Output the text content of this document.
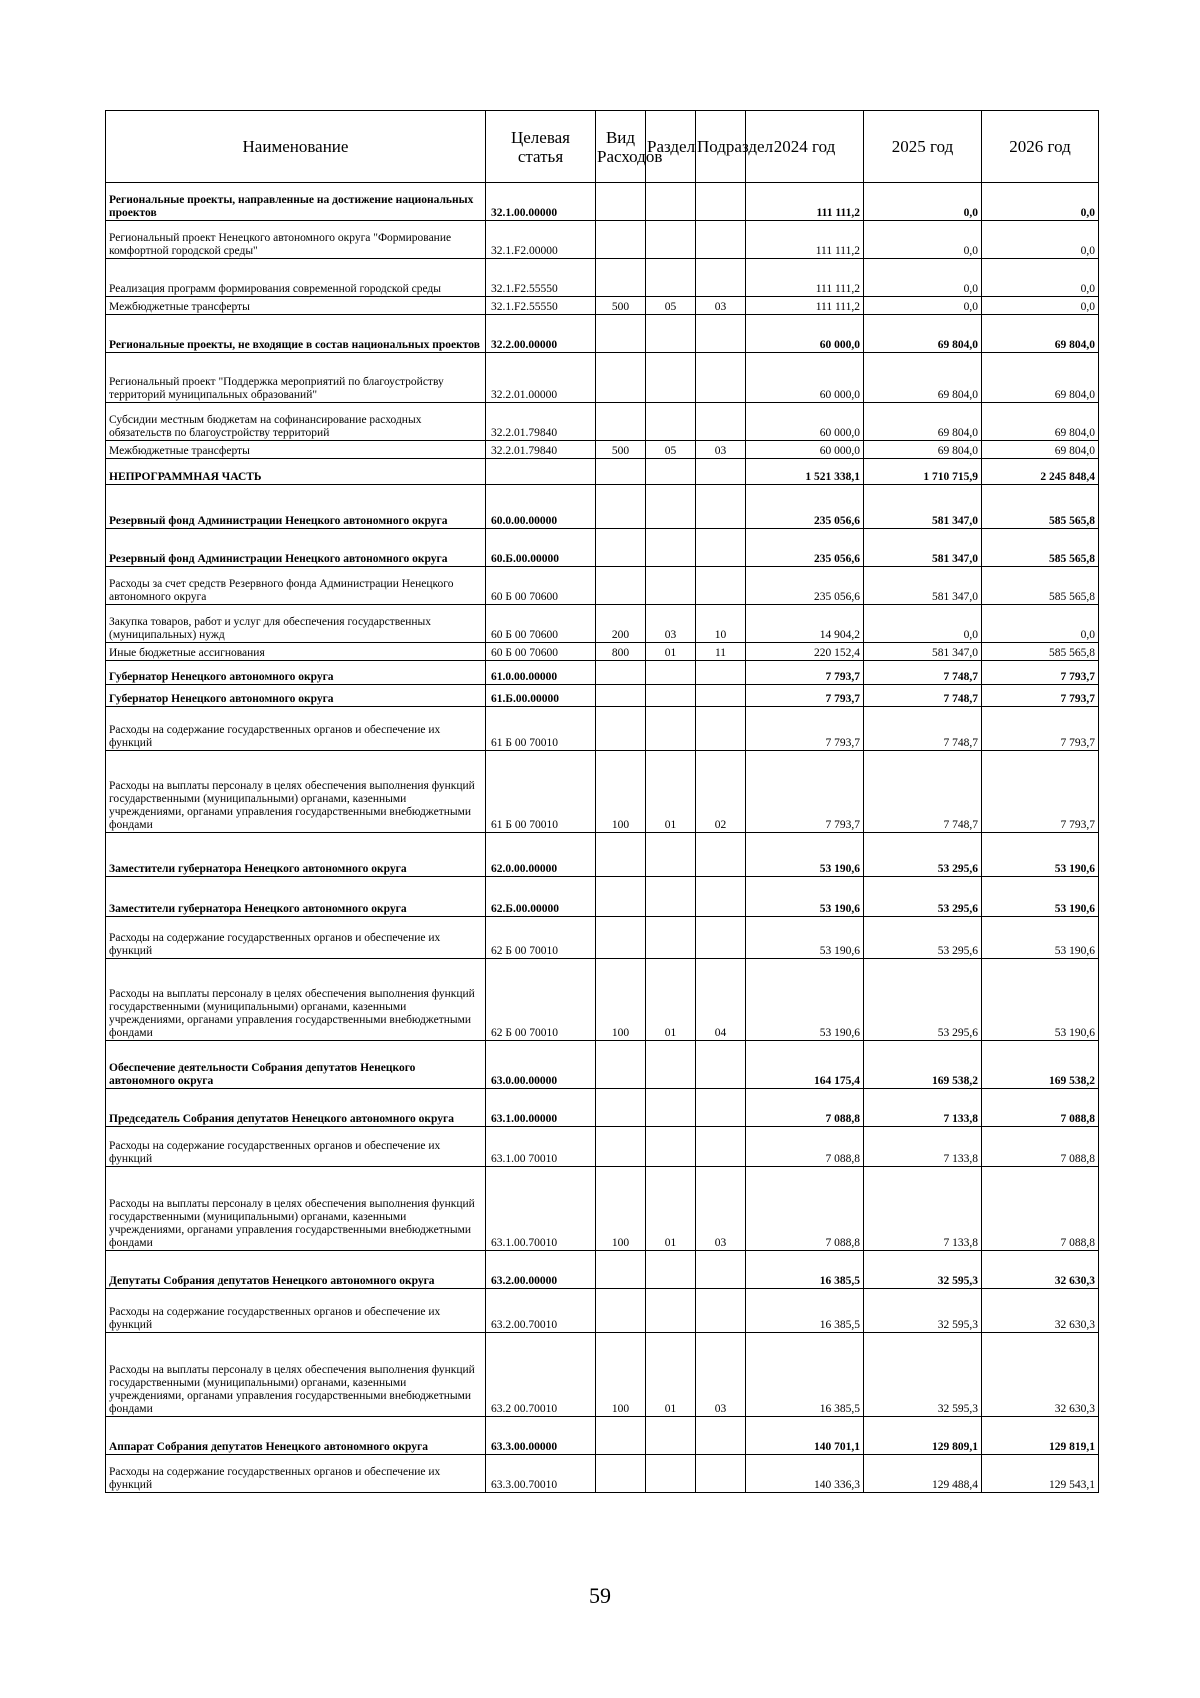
Наименование	Целевая статья	Вид Расходов	Раздел	Подраздел	2024 год	2025 год	2026 год
Региональные проекты, направленные на достижение национальных проектов	32.1.00.00000				111 111,2	0,0	0,0
Региональный проект Ненецкого автономного округа "Формирование комфортной городской среды"	32.1.F2.00000				111 111,2	0,0	0,0
Реализация программ формирования современной городской среды	32.1.F2.55550				111 111,2	0,0	0,0
Межбюджетные трансферты	32.1.F2.55550	500	05	03	111 111,2	0,0	0,0
Региональные проекты, не входящие в состав национальных проектов	32.2.00.00000				60 000,0	69 804,0	69 804,0
Региональный проект "Поддержка мероприятий по благоустройству территорий муниципальных образований"	32.2.01.00000				60 000,0	69 804,0	69 804,0
Субсидии местным бюджетам на софинансирование расходных обязательств по благоустройству территорий	32.2.01.79840				60 000,0	69 804,0	69 804,0
Межбюджетные трансферты	32.2.01.79840	500	05	03	60 000,0	69 804,0	69 804,0
НЕПРОГРАММНАЯ ЧАСТЬ					1 521 338,1	1 710 715,9	2 245 848,4
Резервный фонд Администрации Ненецкого автономного округа	60.0.00.00000				235 056,6	581 347,0	585 565,8
Резервный фонд Администрации Ненецкого автономного округа	60.Б.00.00000				235 056,6	581 347,0	585 565,8
Расходы за счет средств Резервного фонда Администрации Ненецкого автономного округа	60 Б 00 70600				235 056,6	581 347,0	585 565,8
Закупка товаров, работ и услуг для обеспечения государственных (муниципальных) нужд	60 Б 00 70600	200	03	10	14 904,2	0,0	0,0
Иные бюджетные ассигнования	60 Б 00 70600	800	01	11	220 152,4	581 347,0	585 565,8
Губернатор Ненецкого автономного округа	61.0.00.00000				7 793,7	7 748,7	7 793,7
Губернатор Ненецкого автономного округа	61.Б.00.00000				7 793,7	7 748,7	7 793,7
Расходы на содержание государственных органов и обеспечение их функций	61 Б 00 70010				7 793,7	7 748,7	7 793,7
Расходы на выплаты персоналу в целях обеспечения выполнения функций государственными (муниципальными) органами, казенными учреждениями, органами управления государственными внебюджетными фондами	61 Б 00 70010	100	01	02	7 793,7	7 748,7	7 793,7
Заместители губернатора Ненецкого автономного округа	62.0.00.00000				53 190,6	53 295,6	53 190,6
Заместители губернатора Ненецкого автономного округа	62.Б.00.00000				53 190,6	53 295,6	53 190,6
Расходы на содержание государственных органов и обеспечение их функций	62 Б 00 70010				53 190,6	53 295,6	53 190,6
Расходы на выплаты персоналу в целях обеспечения выполнения функций государственными (муниципальными) органами, казенными учреждениями, органами управления государственными внебюджетными фондами	62 Б 00 70010	100	01	04	53 190,6	53 295,6	53 190,6
Обеспечение деятельности Собрания депутатов Ненецкого автономного округа	63.0.00.00000				164 175,4	169 538,2	169 538,2
Председатель Собрания депутатов Ненецкого автономного округа	63.1.00.00000				7 088,8	7 133,8	7 088,8
Расходы на содержание государственных органов и обеспечение их функций	63.1.00 70010				7 088,8	7 133,8	7 088,8
Расходы на выплаты персоналу в целях обеспечения выполнения функций государственными (муниципальными) органами, казенными учреждениями, органами управления государственными внебюджетными фондами	63.1.00.70010	100	01	03	7 088,8	7 133,8	7 088,8
Депутаты Собрания депутатов Ненецкого автономного округа	63.2.00.00000				16 385,5	32 595,3	32 630,3
Расходы на содержание государственных органов и обеспечение их функций	63.2.00.70010				16 385,5	32 595,3	32 630,3
Расходы на выплаты персоналу в целях обеспечения выполнения функций государственными (муниципальными) органами, казенными учреждениями, органами управления государственными внебюджетными фондами	63.2 00.70010	100	01	03	16 385,5	32 595,3	32 630,3
Аппарат Собрания депутатов Ненецкого автономного округа	63.3.00.00000				140 701,1	129 809,1	129 819,1
Расходы на содержание государственных органов и обеспечение их функций	63.3.00.70010				140 336,3	129 488,4	129 543,1
59
